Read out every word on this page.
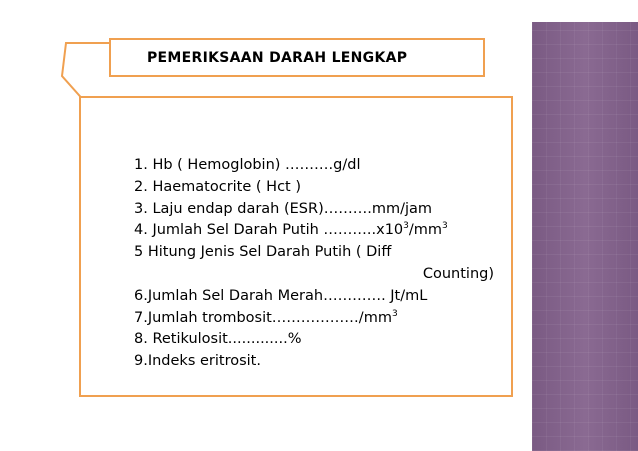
PEMERIKSAAN DARAH LENGKAP
1. Hb ( Hemoglobin) ……….g/dl
2. Haematocrite ( Hct )
3. Laju endap darah (ESR)……….mm/jam
4. Jumlah Sel Darah Putih $\dots\dots\dots..x10^3/mm^3$
5 Hitung Jenis Sel Darah Putih ( Diff
Counting)
6.Jumlah Sel Darah Merah…………. Jt/mL
7.Jumlah $trombosit\dots\dots\dots\dots\dots\dots/mm^3$
8. Retikulosit.............%
9.Indeks eritrosit.
